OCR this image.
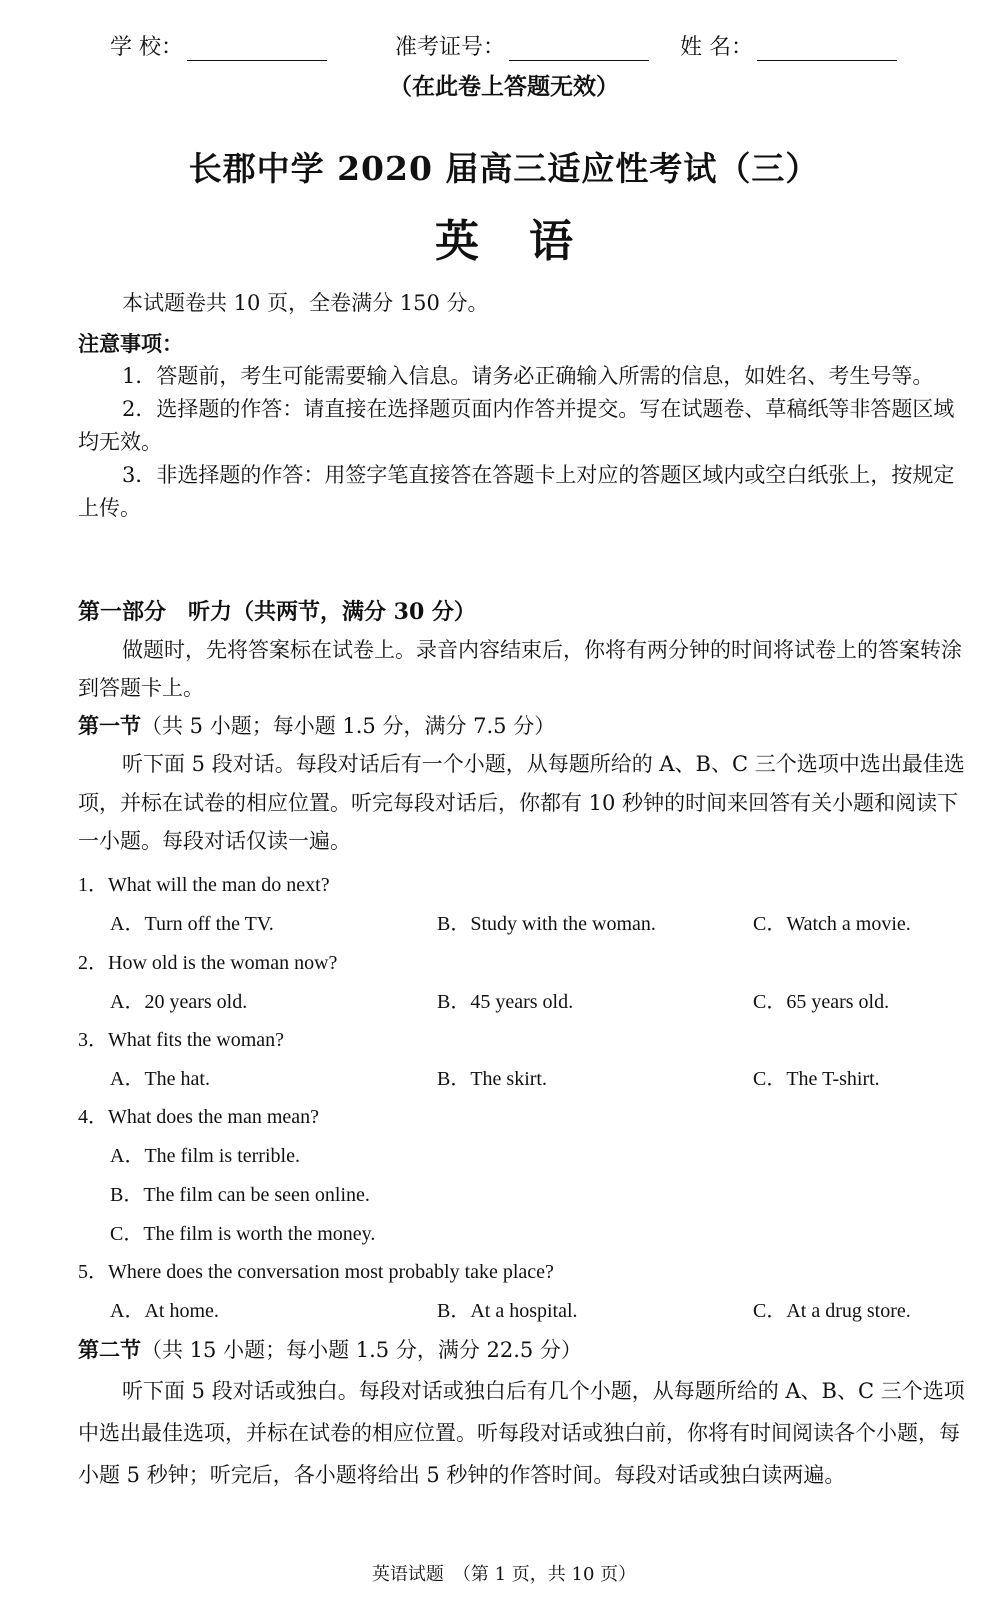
学 校：	准考证号：	姓 名：
（在此卷上答题无效）
长郡中学 2020 届高三适应性考试（三）
英语

本试题卷共 10 页，全卷满分 150 分。

注意事项：

1．答题前，考生可能需要输入信息。请务必正确输入所需的信息，如姓名、考生号等。

2．选择题的作答：请直接在选择题页面内作答并提交。写在试题卷、草稿纸等非答题区域均无效。

3．非选择题的作答：用签字笔直接答在答题卡上对应的答题区域内或空白纸张上，按规定上传。

第一部分　听力（共两节，满分 30 分）

做题时，先将答案标在试卷上。录音内容结束后，你将有两分钟的时间将试卷上的答案转涂到答题卡上。

第一节（共 5 小题；每小题 1.5 分，满分 7.5 分）

听下面 5 段对话。每段对话后有一个小题，从每题所给的 A、B、C 三个选项中选出最佳选项，并标在试卷的相应位置。听完每段对话后，你都有 10 秒钟的时间来回答有关小题和阅读下一小题。每段对话仅读一遍。

1．What will the man do next?
A．Turn off the TV.	B．Study with the woman.	C．Watch a movie.
2．How old is the woman now?
A．20 years old.	B．45 years old.	C．65 years old.
3．What fits the woman?
A．The hat.	B．The skirt.	C．The T-shirt.
4．What does the man mean?
A．The film is terrible.
B．The film can be seen online.
C．The film is worth the money.
5．Where does the conversation most probably take place?
A．At home.	B．At a hospital.	C．At a drug store.

第二节（共 15 小题；每小题 1.5 分，满分 22.5 分）

听下面 5 段对话或独白。每段对话或独白后有几个小题，从每题所给的 A、B、C 三个选项中选出最佳选项，并标在试卷的相应位置。听每段对话或独白前，你将有时间阅读各个小题，每小题 5 秒钟；听完后，各小题将给出 5 秒钟的作答时间。每段对话或独白读两遍。

英语试题　（第 1 页，共 10 页）
